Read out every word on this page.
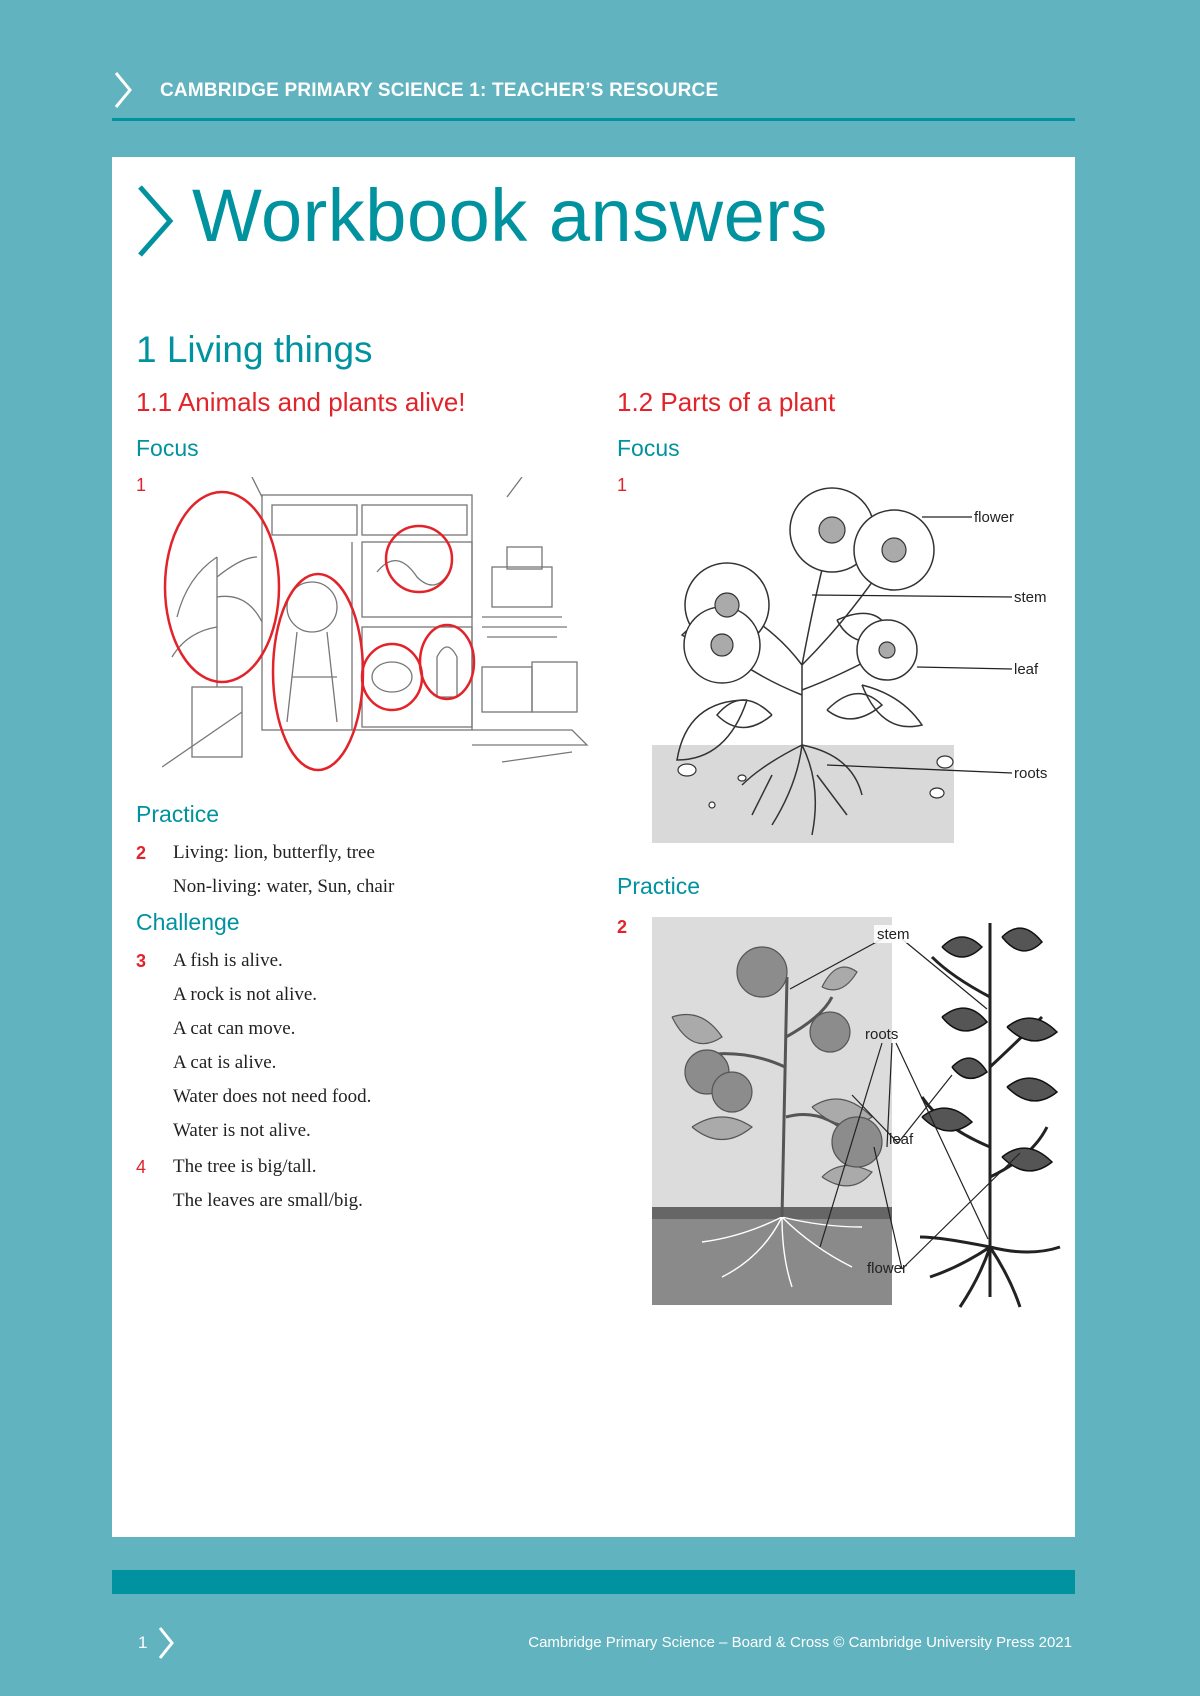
CAMBRIDGE PRIMARY SCIENCE 1: TEACHER’S RESOURCE
Workbook answers
1 Living things
1.1 Animals and plants alive!
Focus
1
Practice
2 Living: lion, butterfly, tree
Non-living: water, Sun, chair
Challenge
3 A fish is alive.
A rock is not alive.
A cat can move.
A cat is alive.
Water does not need food.
Water is not alive.
4 The tree is big/tall.
The leaves are small/big.
1.2 Parts of a plant
Focus
1
flower
stem
leaf
roots
Practice
2	stem
roots
leaf
flower
1	Cambridge Primary Science – Board & Cross © Cambridge University Press 2021
